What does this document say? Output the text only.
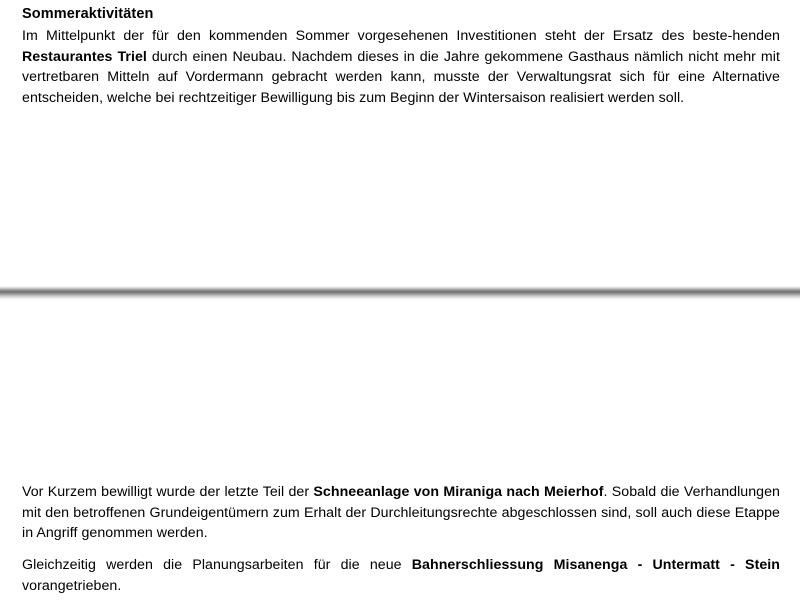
Sommeraktivitäten
Im Mittelpunkt der für den kommenden Sommer vorgesehenen Investitionen steht der Ersatz des beste-henden Restaurantes Triel durch einen Neubau. Nachdem dieses in die Jahre gekommene Gasthaus nämlich nicht mehr mit vertretbaren Mitteln auf Vordermann gebracht werden kann, musste der Verwaltungsrat sich für eine Alternative entscheiden, welche bei rechtzeitiger Bewilligung bis zum Beginn der Wintersaison realisiert werden soll.
Vor Kurzem bewilligt wurde der letzte Teil der Schneeanlage von Miraniga nach Meierhof. Sobald die Verhandlungen mit den betroffenen Grundeigentümern zum Erhalt der Durchleitungsrechte abgeschlossen sind, soll auch diese Etappe in Angriff genommen werden.
Gleichzeitig werden die Planungsarbeiten für die neue Bahnerschliessung Misanenga - Untermatt - Stein vorangetrieben.
